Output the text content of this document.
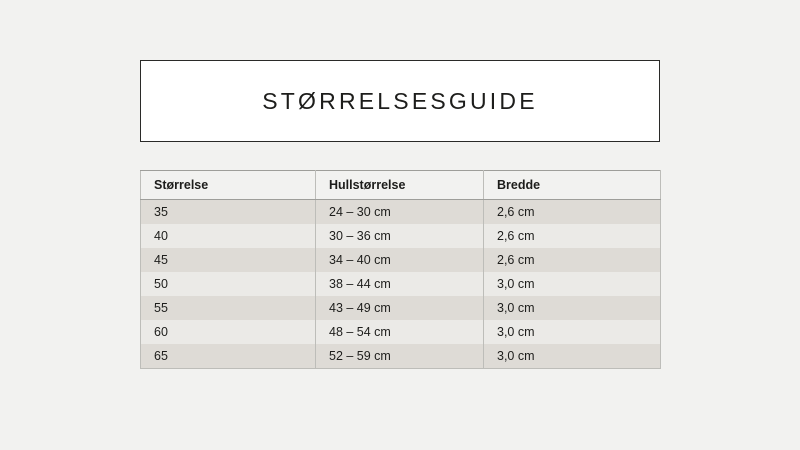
STØRRELSESGUIDE
Størrelse	Hullstørrelse	Bredde
35	24 – 30 cm	2,6 cm
40	30 – 36 cm	2,6 cm
45	34 – 40 cm	2,6 cm
50	38 – 44 cm	3,0 cm
55	43 – 49 cm	3,0 cm
60	48 – 54 cm	3,0 cm
65	52 – 59 cm	3,0 cm
